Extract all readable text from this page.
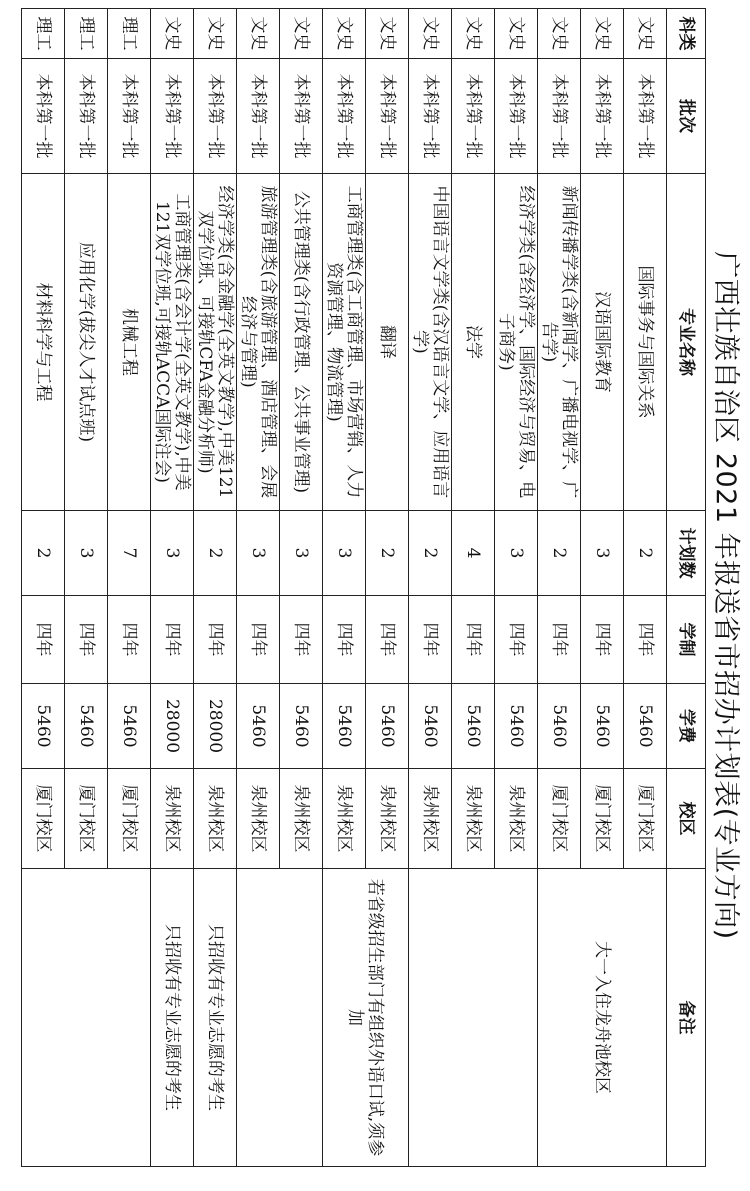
广西壮族自治区 2021 年报送省市招办计划表(专业方向)
科类	批次	专业名称	计划数	学制	学费	校区	备注
文史	本科第一批	国际事务与国际关系	2	四年	5460	厦门校区	大一入住龙舟池校区
文史	本科第一批	汉语国际教育	3	四年	5460	厦门校区	
文史	本科第一批	新闻传播学类(含新闻学、广播电视学、广告学)	2	四年	5460	厦门校区	
文史	本科第一批	经济学类(含经济学、国际经济与贸易、电子商务)	3	四年	5460	泉州校区	
文史	本科第一批	法学	4	四年	5460	泉州校区	
文史	本科第一批	中国语言文学类(含汉语言文学、应用语言学)	2	四年	5460	泉州校区	
文史	本科第一批	翻译	2	四年	5460	泉州校区	若省级招生部门有组织外语口试,须参加
文史	本科第一批	工商管理类(含工商管理、市场营销、人力资源管理、物流管理)	3	四年	5460	泉州校区	
文史	本科第一批	公共管理类(含行政管理、公共事业管理)	3	四年	5460	泉州校区	
文史	本科第一批	旅游管理类(含旅游管理、酒店管理、会展经济与管理)	3	四年	5460	泉州校区	
文史	本科第一批	经济学类(含金融学(全英文教学),中美121双学位班、可接轨CFA金融分析师)	2	四年	28000	泉州校区	只招收有专业志愿的考生
文史	本科第一批	工商管理类(含会计学(全英文教学),中美121双学位班,可接轨ACCA国际注会)	3	四年	28000	泉州校区	只招收有专业志愿的考生
理工	本科第一批	机械工程	7	四年	5460	厦门校区	
理工	本科第一批	应用化学(拔尖人才试点班)	3	四年	5460	厦门校区	
理工	本科第一批	材料科学与工程	2	四年	5460	厦门校区	
